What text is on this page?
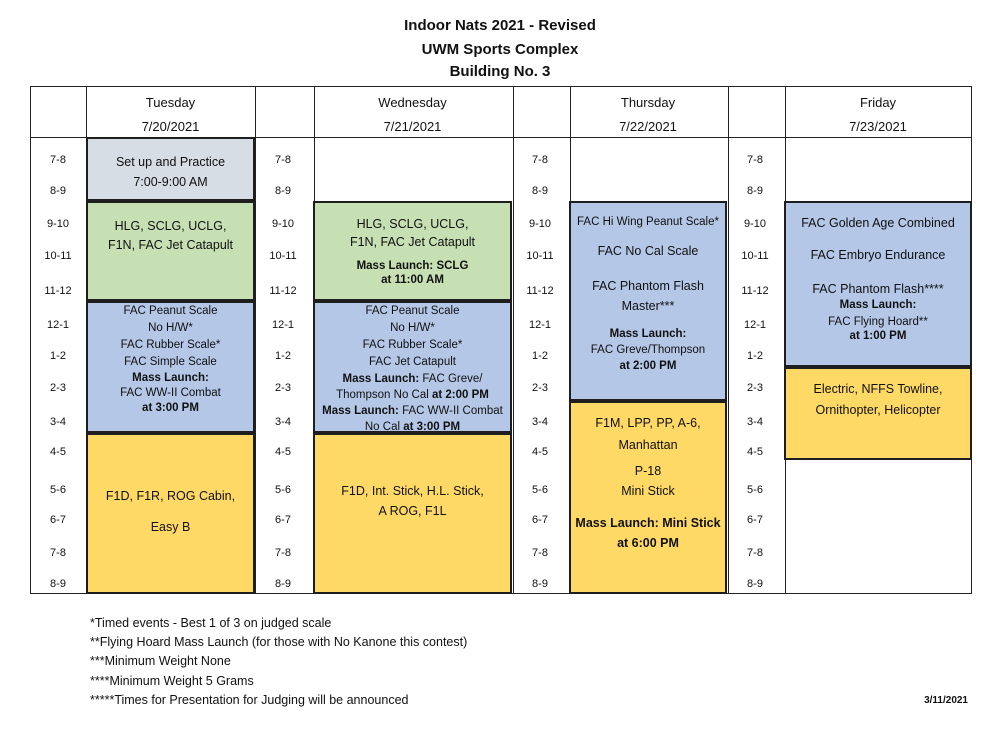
Indoor Nats 2021 - Revised
UWM Sports Complex
Building No. 3
Tuesday
7/20/2021
Wednesday
7/21/2021
Thursday
7/22/2021
Friday
7/23/2021
7-8
8-9
9-10
10-11
11-12
12-1
1-2
2-3
3-4
4-5
5-6
6-7
7-8
8-9
7-8
8-9
9-10
10-11
11-12
12-1
1-2
2-3
3-4
4-5
5-6
6-7
7-8
8-9
7-8
8-9
9-10
10-11
11-12
12-1
1-2
2-3
3-4
4-5
5-6
6-7
7-8
8-9
7-8
8-9
9-10
10-11
11-12
12-1
1-2
2-3
3-4
4-5
5-6
6-7
7-8
8-9
Set up and Practice
7:00-9:00 AM
HLG, SCLG, UCLG,
F1N, FAC Jet Catapult
FAC Peanut Scale
No H/W*
FAC Rubber Scale*
FAC Simple Scale
Mass Launch:
FAC WW-II Combat
at 3:00 PM
F1D, F1R, ROG Cabin,
Easy B
HLG, SCLG, UCLG,
F1N, FAC Jet Catapult
Mass Launch: SCLG
at 11:00 AM
FAC Peanut Scale
No H/W*
FAC Rubber Scale*
FAC Jet Catapult
Mass Launch: FAC Greve/
Thompson No Cal at 2:00 PM
Mass Launch: FAC WW-II Combat
No Cal at 3:00 PM
F1D, Int. Stick, H.L. Stick,
A ROG, F1L
FAC Hi Wing Peanut Scale*
FAC No Cal Scale
FAC Phantom Flash
Master***
Mass Launch:
FAC Greve/Thompson
at 2:00 PM
F1M, LPP, PP, A-6,
Manhattan
P-18
Mini Stick
Mass Launch: Mini Stick
at 6:00 PM
FAC Golden Age Combined
FAC Embryo Endurance
FAC Phantom Flash****
Mass Launch:
FAC Flying Hoard**
at 1:00 PM
Electric, NFFS Towline,
Ornithopter, Helicopter
*Timed events - Best 1 of 3 on judged scale
**Flying Hoard Mass Launch (for those with No Kanone this contest)
***Minimum Weight None
****Minimum Weight 5 Grams
*****Times for Presentation for Judging will be announced	3/11/2021
